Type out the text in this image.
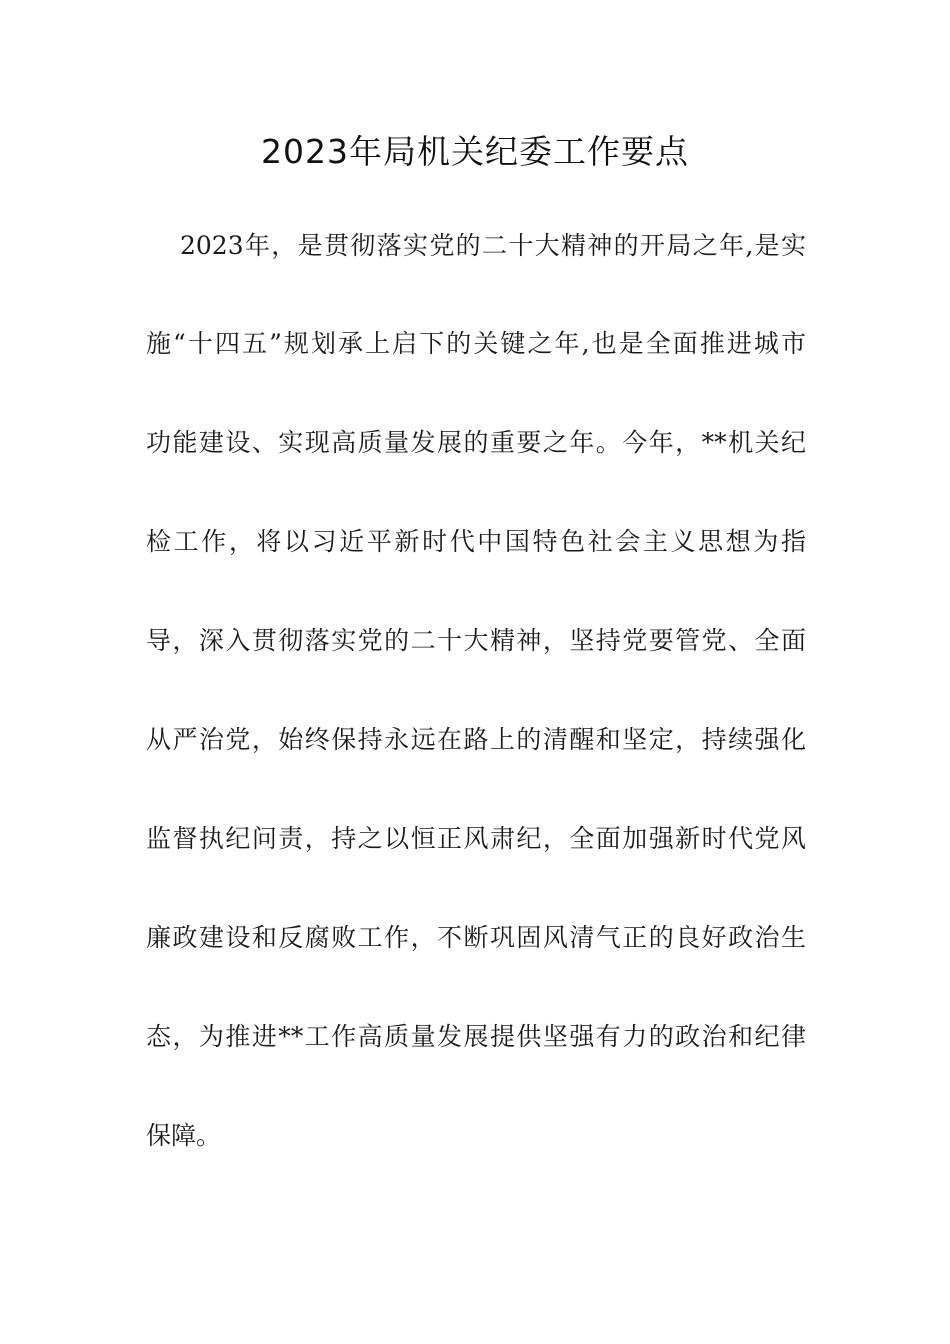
2023年局机关纪委工作要点

2023年，是贯彻落实党的二十大精神的开局之年,是实

施“十四五”规划承上启下的关键之年,也是全面推进城市

功能建设、实现高质量发展的重要之年。今年，**机关纪

检工作，将以习近平新时代中国特色社会主义思想为指

导，深入贯彻落实党的二十大精神，坚持党要管党、全面

从严治党，始终保持永远在路上的清醒和坚定，持续强化

监督执纪问责，持之以恒正风肃纪，全面加强新时代党风

廉政建设和反腐败工作，不断巩固风清气正的良好政治生

态，为推进**工作高质量发展提供坚强有力的政治和纪律

保障。
